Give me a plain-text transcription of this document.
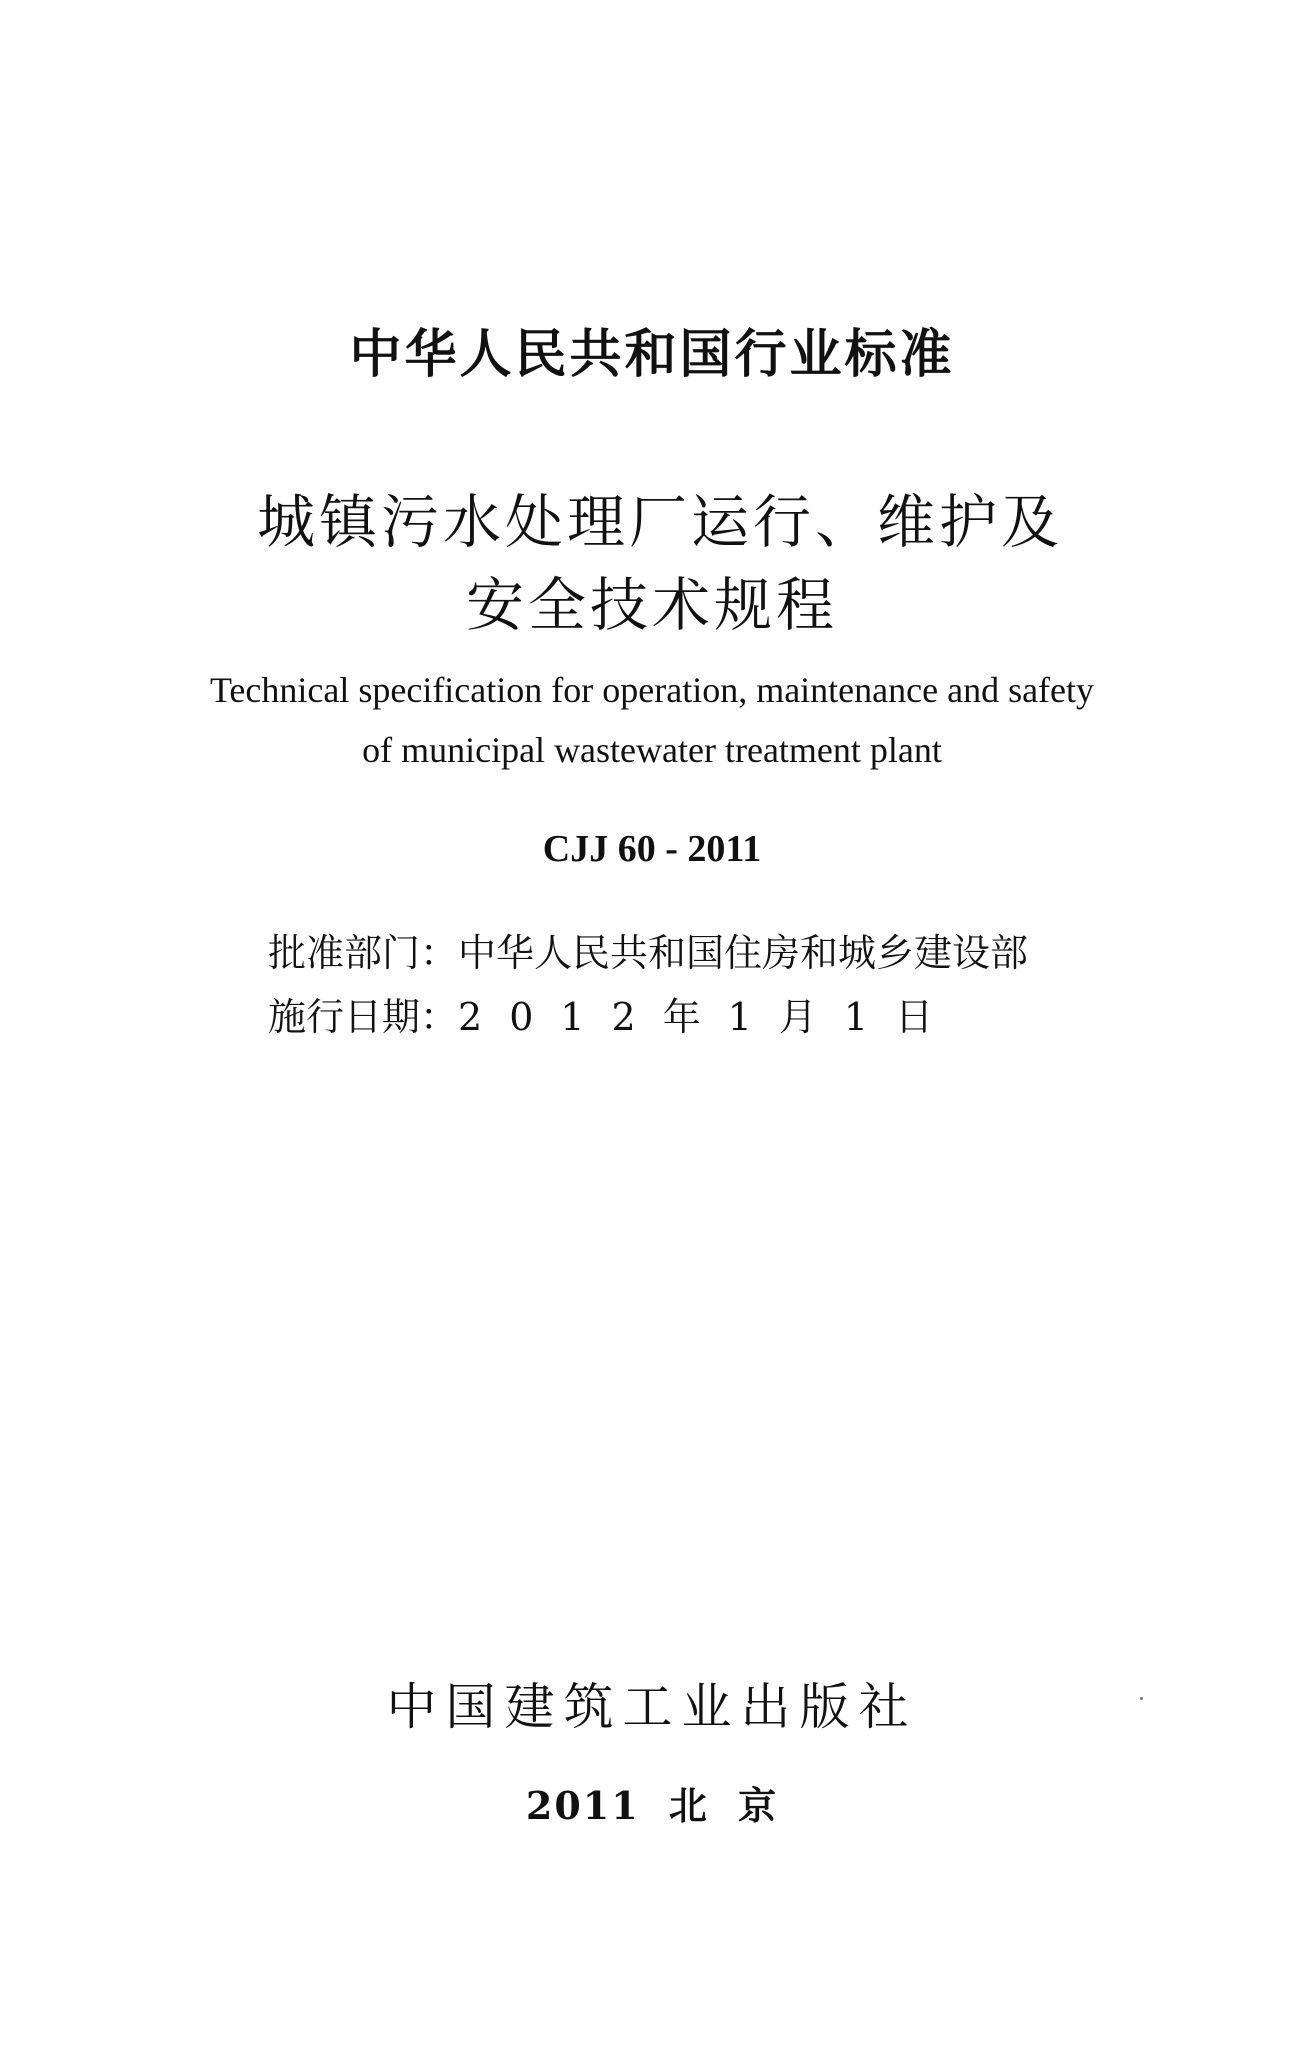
中华人民共和国行业标准
城镇污水处理厂运行、维护及
安全技术规程
Technical specification for operation, maintenance and safety
of municipal wastewater treatment plant
CJJ 60 - 2011
批准部门：中华人民共和国住房和城乡建设部
施行日期：2012年1月1日
中国建筑工业出版社
2011 北 京
